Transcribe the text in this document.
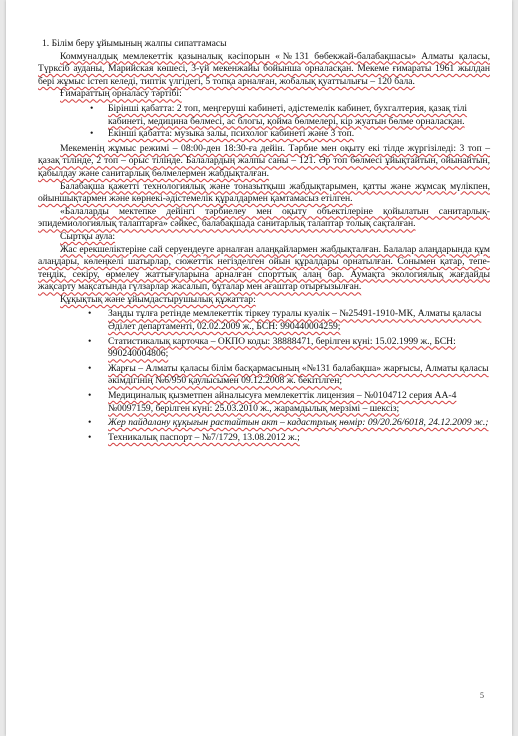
1. Білім беру ұйымының жалпы сипаттамасы

Коммуналдық мемлекеттік қазыналық кәсіпорын «№131 бөбекжай-балабақшасы» Алматы қаласы, Түрксіб ауданы, Марийская көшесі, 3-үй мекенжайы бойынша орналасқан. Мекеме ғимараты 1961 жылдан бері жұмыс істеп келеді, типтік үлгідегі, 5 топқа арналған, жобалық қуаттылығы – 120 бала.

Ғимараттың орналасу тәртібі:

• Бірінші қабатта: 2 топ, меңгерушi кабинеті, әдістемелік кабинет, бухгалтерия, қазақ тілі кабинеті, медицина бөлмесі, ас блогы, қойма бөлмелері, кір жуатын бөлме орналасқан.
• Екінші қабатта: музыка залы, психолог кабинеті және 3 топ.

Мекеменің жұмыс режимі – 08:00-ден 18:30-ға дейін. Тәрбие мен оқыту екі тілде жүргізіледі: 3 топ – қазақ тілінде, 2 топ – орыс тілінде. Балалардың жалпы саны – 121. Әр топ бөлмесі ұйықтайтын, ойынайтын, қабылдау және санитарлық бөлмелермен жабдықталған.

Балабақша қажетті технологиялық және тоназытқыш жабдықтарымен, қатты және жұмсақ мүлікпен, ойыншықтармен және көрнекі-әдістемелік құралдармен қамтамасыз етілген.

«Балаларды мектепке дейінгі тәрбиелеу мен оқыту объектілеріне қойылатын санитарлық-эпидемиологиялық талаптарға» сәйкес, балабақшада санитарлық талаптар толық сақталған.

Сыртқы аула:

Жас ерекшеліктеріне сай серуендеуге арналған алаңқайлармен жабдықталған. Балалар алаңдарында құм алаңдары, көлеңкелі шатырлар, сюжеттік негізделген ойын құралдары орнатылған. Сонымен қатар, тепе-теңдік, секіру, өрмелеу жаттығуларына арналған спорттық алаң бар. Аумақта экологиялық жағдайды жақсарту мақсатында гүлзарлар жасалып, бұталар мен ағаштар отырғызылған.

Құқықтық және ұйымдастырушылық құжаттар:

• Заңды тұлға ретінде мемлекеттік тіркеу туралы куәлік – №25491-1910-МК, Алматы қаласы Әділет департаменті, 02.02.2009 ж., БСН: 990440004259;
• Статистикалық карточка – ОКПО коды: 38888471, берілген күні: 15.02.1999 ж., БСН: 990240004806;
• Жарғы – Алматы қаласы білім басқармасының «№131 балабақша» жарғысы, Алматы қаласы әкімдігінің №6/950 қаулысымен 09.12.2008 ж. бекітілген;
• Медициналық қызметпен айналысуға мемлекеттік лицензия – №0104712 серия АА-4 №0097159, берілген күні: 25.03.2010 ж., жарамдылық мерзімі – шексіз;
• Жер пайдалану құқығын растайтын акт – кадастрлық нөмір: 09/20.26/6018, 24.12.2009 ж.;
• Техникалық паспорт – №7/1729, 13.08.2012 ж.;
5
